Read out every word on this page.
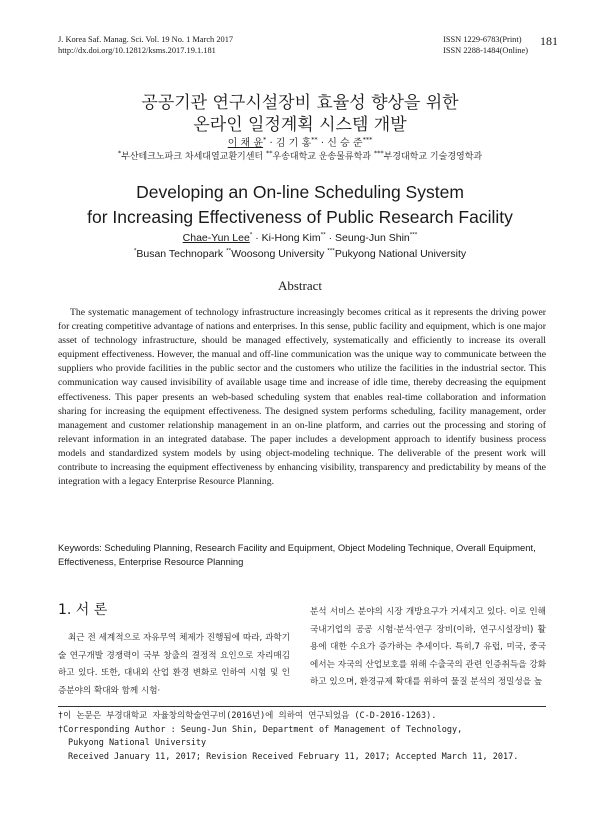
J. Korea Saf. Manag. Sci. Vol. 19 No. 1 March 2017
http://dx.doi.org/10.12812/ksms.2017.19.1.181
ISSN 1229-6783(Print)
ISSN 2288-1484(Online)
181
공공기관 연구시설장비 효율성 향상을 위한
온라인 일정계획 시스템 개발
이 채 윤* · 김 기 홍** · 신 승 준***
*부산테크노파크 차세대열교환기센터 **우송대학교 운송물류학과 ***부경대학교 기술경영학과
Developing an On-line Scheduling System
for Increasing Effectiveness of Public Research Facility
Chae-Yun Lee* · Ki-Hong Kim** · Seung-Jun Shin***
*Busan Technopark **Woosong University ***Pukyong National University
Abstract

The systematic management of technology infrastructure increasingly becomes critical as it represents the driving power for creating competitive advantage of nations and enterprises. In this sense, public facility and equipment, which is one major asset of technology infrastructure, should be managed effectively, systematically and efficiently to increase its overall equipment effectiveness. However, the manual and off-line communication was the unique way to communicate between the suppliers who provide facilities in the public sector and the customers who utilize the facilities in the industrial sector. This communication way caused invisibility of available usage time and increase of idle time, thereby decreasing the equipment effectiveness. This paper presents an web-based scheduling system that enables real-time collaboration and information sharing for increasing the equipment effectiveness. The designed system performs scheduling, facility management, order management and customer relationship management in an on-line platform, and carries out the processing and storing of relevant information in an integrated database. The paper includes a development approach to identify business process models and standardized system models by using object-modeling technique. The deliverable of the present work will contribute to increasing the equipment effectiveness by enhancing visibility, transparency and predictability by means of the integration with a legacy Enterprise Resource Planning.

Keywords: Scheduling Planning, Research Facility and Equipment, Object Modeling Technique, Overall Equipment, Effectiveness, Enterprise Resource Planning

1. 서 론

최근 전 세계적으로 자유무역 체제가 진행됨에 따라, 과학기술 연구개발 경쟁력이 국부 창출의 결정적 요인으로 자리매김 하고 있다. 또한, 대내외 산업 환경 변화로 인하여 시험 및 인증분야의 확대와 함께 시험·

분석 서비스 분야의 시장 개방요구가 거세지고 있다. 이로 인해 국내기업의 공공 시험·분석·연구 장비(이하, 연구시설장비) 활용에 대한 수요가 증가하는 추세이다. 특히,7 유럽, 미국, 중국에서는 자국의 산업보호를 위해 수출국의 관련 인증취득을 강화하고 있으며, 환경규제 확대를 위하여 물질 분석의 정밀성을 높

†이 논문은 부경대학교 자율창의학술연구비(2016년)에 의하여 연구되었음 (C-D-2016-1263).
†Corresponding Author : Seung-Jun Shin, Department of Management of Technology,
Pukyong National University
Received January 11, 2017; Revision Received February 11, 2017; Accepted March 11, 2017.
